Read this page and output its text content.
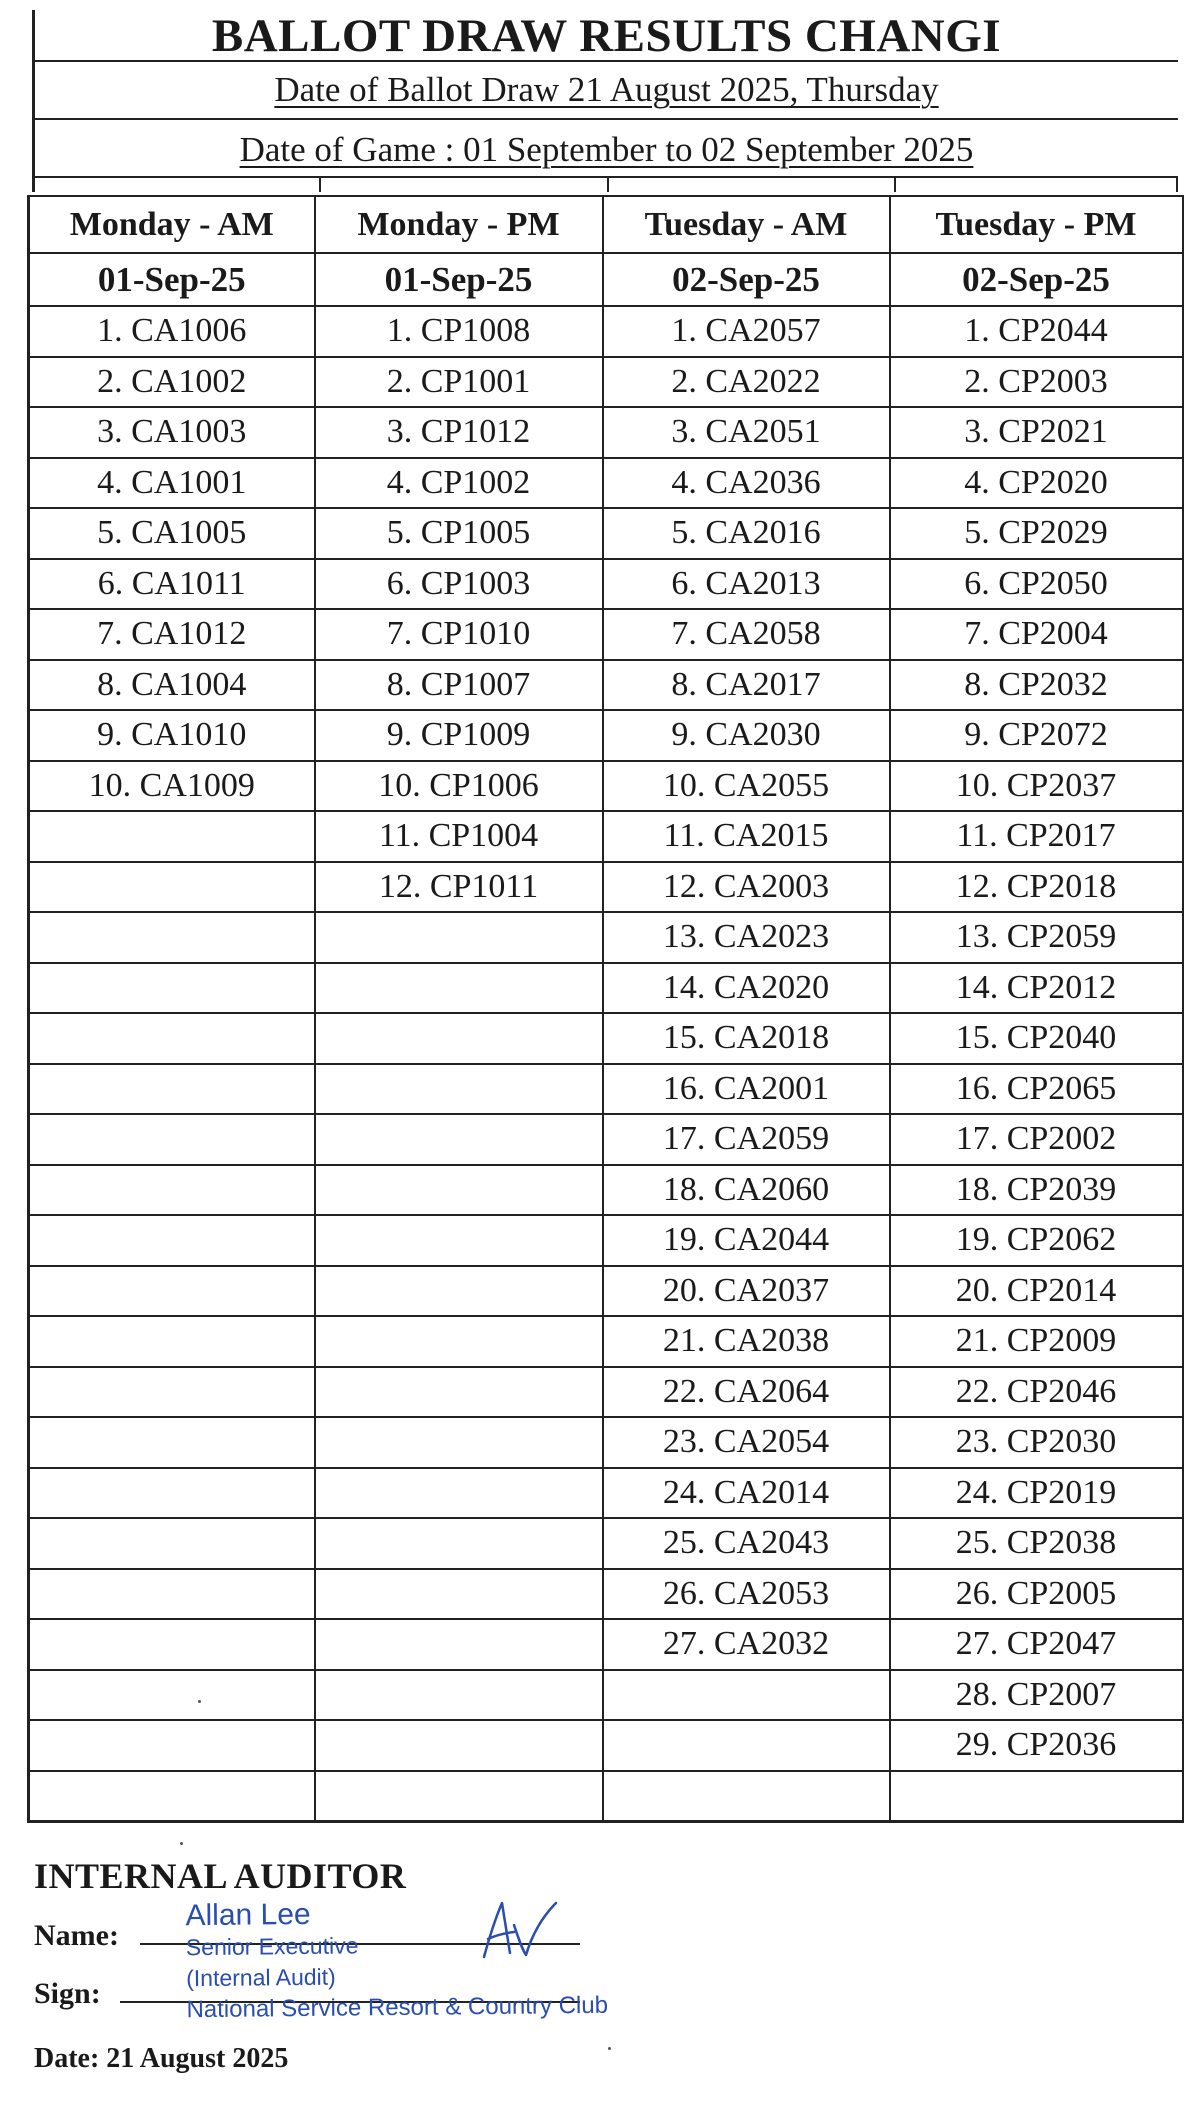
BALLOT DRAW RESULTS CHANGI
Date of Ballot Draw 21 August 2025, Thursday
Date of Game : 01 September to 02 September 2025
Monday - AM	Monday - PM	Tuesday - AM	Tuesday - PM
01-Sep-25	01-Sep-25	02-Sep-25	02-Sep-25
1. CA1006	1. CP1008	1. CA2057	1. CP2044
2. CA1002	2. CP1001	2. CA2022	2. CP2003
3. CA1003	3. CP1012	3. CA2051	3. CP2021
4. CA1001	4. CP1002	4. CA2036	4. CP2020
5. CA1005	5. CP1005	5. CA2016	5. CP2029
6. CA1011	6. CP1003	6. CA2013	6. CP2050
7. CA1012	7. CP1010	7. CA2058	7. CP2004
8. CA1004	8. CP1007	8. CA2017	8. CP2032
9. CA1010	9. CP1009	9. CA2030	9. CP2072
10. CA1009	10. CP1006	10. CA2055	10. CP2037
	11. CP1004	11. CA2015	11. CP2017
	12. CP1011	12. CA2003	12. CP2018
		13. CA2023	13. CP2059
		14. CA2020	14. CP2012
		15. CA2018	15. CP2040
		16. CA2001	16. CP2065
		17. CA2059	17. CP2002
		18. CA2060	18. CP2039
		19. CA2044	19. CP2062
		20. CA2037	20. CP2014
		21. CA2038	21. CP2009
		22. CA2064	22. CP2046
		23. CA2054	23. CP2030
		24. CA2014	24. CP2019
		25. CA2043	25. CP2038
		26. CA2053	26. CP2005
		27. CA2032	27. CP2047
			28. CP2007
			29. CP2036

INTERNAL AUDITOR
Name:
Sign:
Allan Lee
Senior Executive
(Internal Audit)
National Service Resort & Country Club
Date: 21 August 2025
